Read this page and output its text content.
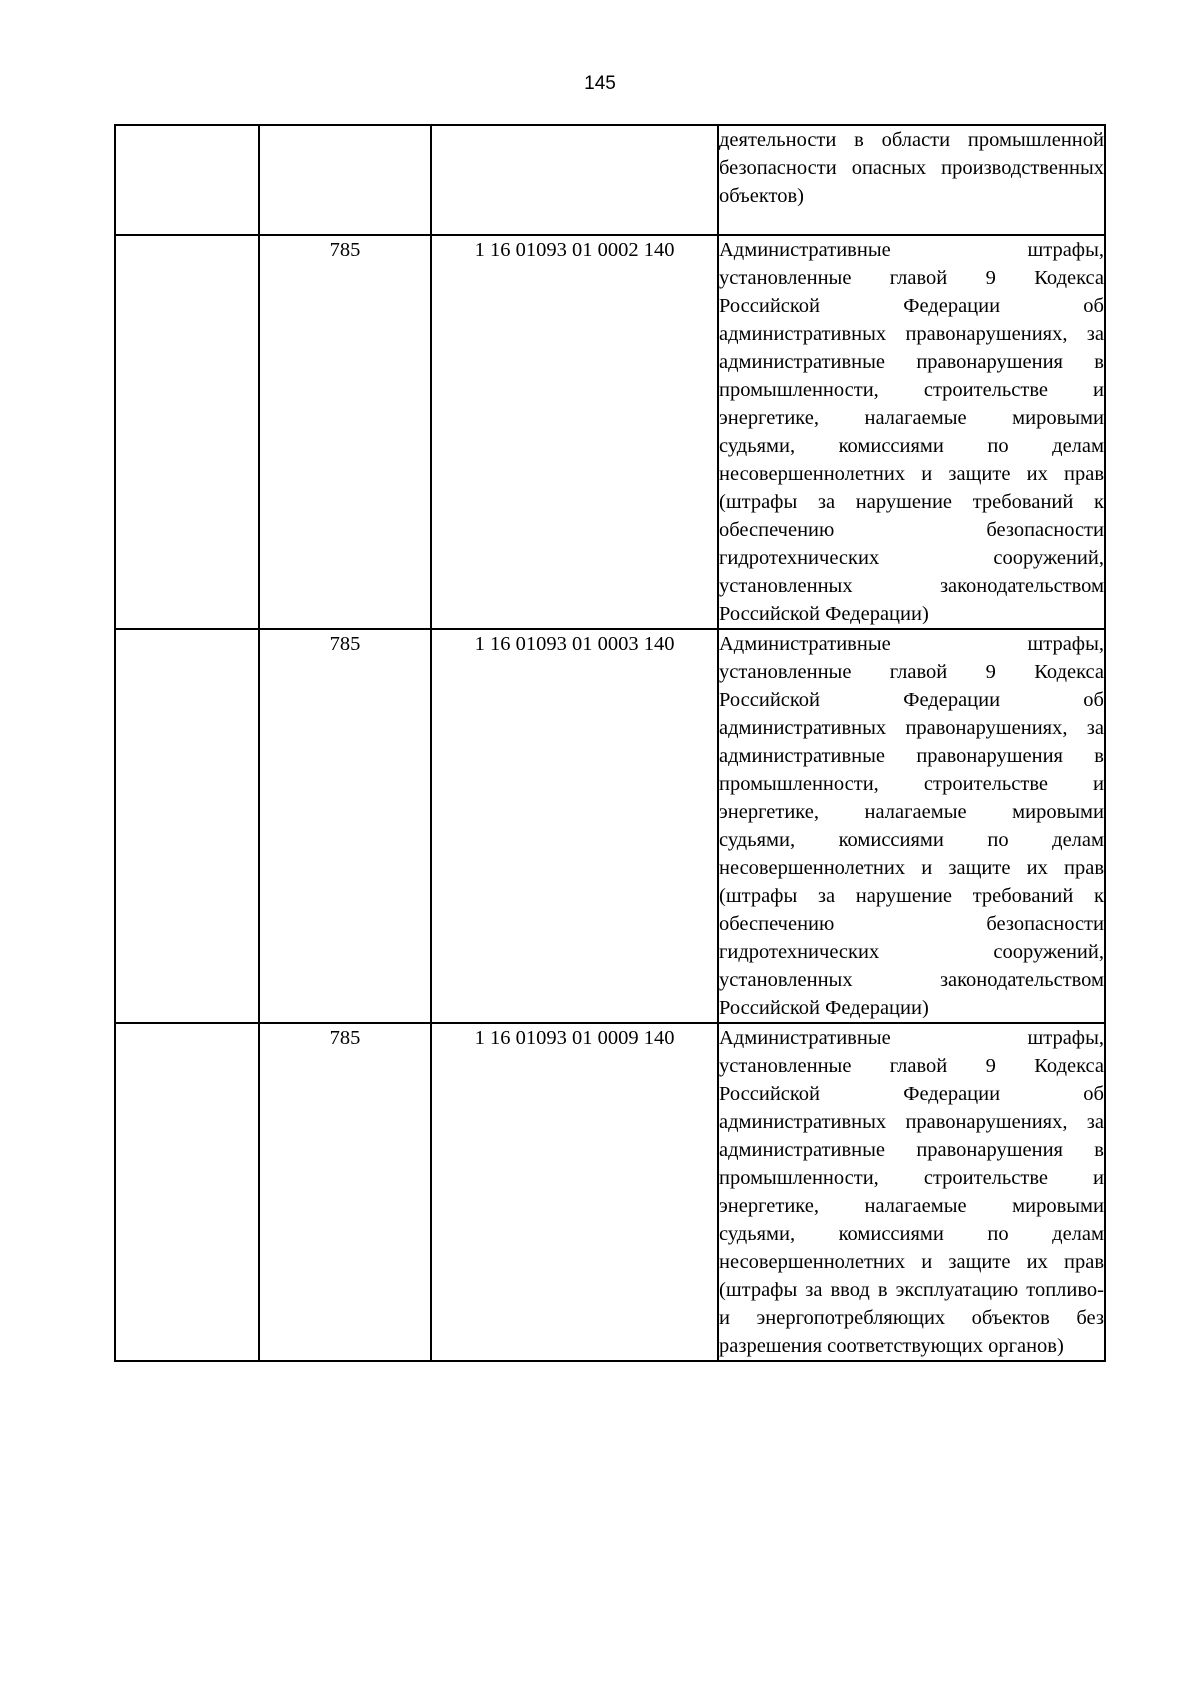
145

			деятельности в области промышленной безопасности опасных производственных объектов)

	785	1 16 01093 01 0002 140	Административные штрафы, установленные главой 9 Кодекса Российской Федерации об административных правонарушениях, за административные правонарушения в промышленности, строительстве и энергетике, налагаемые мировыми судьями, комиссиями по делам несовершеннолетних и защите их прав (штрафы за нарушение требований к обеспечению безопасности гидротехнических сооружений, установленных законодательством Российской Федерации)

	785	1 16 01093 01 0003 140	Административные штрафы, установленные главой 9 Кодекса Российской Федерации об административных правонарушениях, за административные правонарушения в промышленности, строительстве и энергетике, налагаемые мировыми судьями, комиссиями по делам несовершеннолетних и защите их прав (штрафы за нарушение требований к обеспечению безопасности гидротехнических сооружений, установленных законодательством Российской Федерации)

	785	1 16 01093 01 0009 140	Административные штрафы, установленные главой 9 Кодекса Российской Федерации об административных правонарушениях, за административные правонарушения в промышленности, строительстве и энергетике, налагаемые мировыми судьями, комиссиями по делам несовершеннолетних и защите их прав (штрафы за ввод в эксплуатацию топливо- и энергопотребляющих объектов без разрешения соответствующих органов)
